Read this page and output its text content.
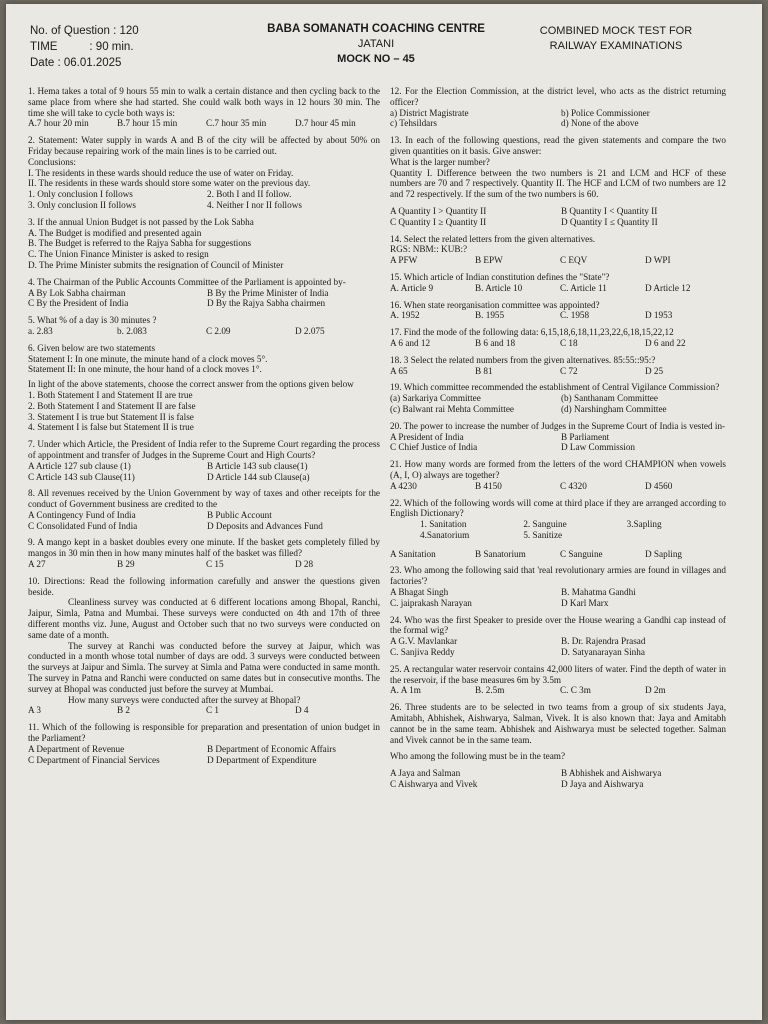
No. of Question : 120
TIME          : 90 min.
Date : 06.01.2025
BABA SOMANATH COACHING CENTRE
JATANI
MOCK NO – 45
COMBINED MOCK TEST FOR
RAILWAY EXAMINATIONS

1. Hema takes a total of 9 hours 55 min to walk a certain distance and then cycling back to the same place from where she had started. She could walk both ways in 12 hours 30 min. The time she will take to cycle both ways is:

A.7 hour 20 min	B.7 hour 15 min	C.7 hour 35 min	D.7 hour 45 min

2. Statement: Water supply in wards A and B of the city will be affected by about 50% on Friday because repairing work of the main lines is to be carried out.

Conclusions:

I. The residents in these wards should reduce the use of water on Friday.

II. The residents in these wards should store some water on the previous day.

1. Only conclusion I follows	2. Both I and II follow.
3. Only conclusion II follows	4. Neither I nor II follows

3. If the annual Union Budget is not passed by the Lok Sabha

A. The Budget is modified and presented again

B. The Budget is referred to the Rajya Sabha for suggestions

C. The Union Finance Minister is asked to resign

D. The Prime Minister submits the resignation of Council of Minister

4. The Chairman of the Public Accounts Committee of the Parliament is appointed by-

A By Lok Sabha chairman	B By the Prime Minister of India
C By the President of India	D By the Rajya Sabha chairmen

5. What % of a day is 30 minutes ?

a. 2.83	b. 2.083	C 2.09	D 2.075

6. Given below are two statements

Statement I: In one minute, the minute hand of a clock moves 5°.

Statement II: In one minute, the hour hand of a clock moves 1°.

In light of the above statements, choose the correct answer from the options given below

1. Both Statement I and Statement II are true

2. Both Statement I and Statement II are false

3. Statement I is true but Statement II is false

4. Statement I is false but Statement II is true

7. Under which Article, the President of India refer to the Supreme Court regarding the process of appointment and transfer of Judges in the Supreme Court and High Courts?

A Article 127 sub clause (1)	B Article 143 sub clause(1)
C Article 143 sub Clause(11)	D Article 144 sub Clause(a)

8. All revenues received by the Union Government by way of taxes and other receipts for the conduct of Government business are credited to the

A Contingency Fund of India	B Public Account
C Consolidated Fund of India	D Deposits and Advances Fund

9. A mango kept in a basket doubles every one minute. If the basket gets completely filled by mangos in 30 min then in how many minutes half of the basket was filled?

A 27	B 29	C 15	D 28

10. Directions: Read the following information carefully and answer the questions given beside.

Cleanliness survey was conducted at 6 different locations among Bhopal, Ranchi, Jaipur, Simla, Patna and Mumbai. These surveys were conducted on 4th and 17th of three different months viz. June, August and October such that no two surveys were conducted on same date of a month.

The survey at Ranchi was conducted before the survey at Jaipur, which was conducted in a month whose total number of days are odd. 3 surveys were conducted between the surveys at Jaipur and Simla. The survey at Simla and Patna were conducted in same month. The survey in Patna and Ranchi were conducted on same dates but in consecutive months. The survey at Bhopal was conducted just before the survey at Mumbai.

How many surveys were conducted after the survey at Bhopal?

A 3	B 2	C 1	D 4

11. Which of the following is responsible for preparation and presentation of union budget in the Parliament?

A Department of Revenue	B Department of Economic Affairs
C Department of Financial Services	D Department of Expenditure

12. For the Election Commission, at the district level, who acts as the district returning officer?

a) District Magistrate	b) Police Commissioner
c) Tehsildars	d) None of the above

13. In each of the following questions, read the given statements and compare the two given quantities on it basis. Give answer:

What is the larger number?

Quantity I. Difference between the two numbers is 21 and LCM and HCF of these numbers are 70 and 7 respectively. Quantity II. The HCF and LCM of two numbers are 12 and 72 respectively. If the sum of the two numbers is 60.

A Quantity I > Quantity II	B Quantity I < Quantity II
C Quantity I ≥ Quantity II	D Quantity I ≤ Quantity II

14. Select the related letters from the given alternatives.

RGS: NBM:: KUB:?

A PFW	B EPW	C EQV	D WPI

15. Which article of Indian constitution defines the "State"?

A. Article 9	B. Article 10	C. Article 11	D Article 12

16. When state reorganisation committee was appointed?

A. 1952	B. 1955	C. 1958	D 1953

17. Find the mode of the following data: 6,15,18,6,18,11,23,22,6,18,15,22,12

A 6 and 12	B 6 and 18	C 18	D 6 and 22

18. 3 Select the related numbers from the given alternatives. 85:55::95:?

A 65	B 81	C 72	D 25

19. Which committee recommended the establishment of Central Vigilance Commission?

(a) Sarkariya Committee	(b) Santhanam Committee
(c) Balwant rai Mehta Committee	(d) Narshingham Committee

20. The power to increase the number of Judges in the Supreme Court of India is vested in-

A President of India	B Parliament
C Chief Justice of India	D Law Commission

21. How many words are formed from the letters of the word CHAMPION when vowels (A, I, O) always are together?

A 4230	B 4150	C 4320	D 4560

22. Which of the following words will come at third place if they are arranged according to English Dictionary?

1. Sanitation	2. Sanguine	3.Sapling
4.Sanatorium	5. Sanitize
A Sanitation	B Sanatorium	C Sanguine	D Sapling

23. Who among the following said that 'real revolutionary armies are found in villages and factories'?

A Bhagat Singh	B. Mahatma Gandhi
C. jaiprakash Narayan	D Karl Marx

24. Who was the first Speaker to preside over the House wearing a Gandhi cap instead of the formal wig?

A G.V. Mavlankar	B. Dr. Rajendra Prasad
C. Sanjiva Reddy	D. Satyanarayan Sinha

25. A rectangular water reservoir contains 42,000 liters of water. Find the depth of water in the reservoir, if the base measures 6m by 3.5m

A. A 1m	B. 2.5m	C. C 3m	D 2m

26. Three students are to be selected in two teams from a group of six students Jaya, Amitabh, Abhishek, Aishwarya, Salman, Vivek. It is also known that: Jaya and Amitabh cannot be in the same team. Abhishek and Aishwarya must be selected together. Salman and Vivek cannot be in the same team.

Who among the following must be in the team?

A Jaya and Salman	B Abhishek and Aishwarya
C Aishwarya and Vivek	D Jaya and Aishwarya
